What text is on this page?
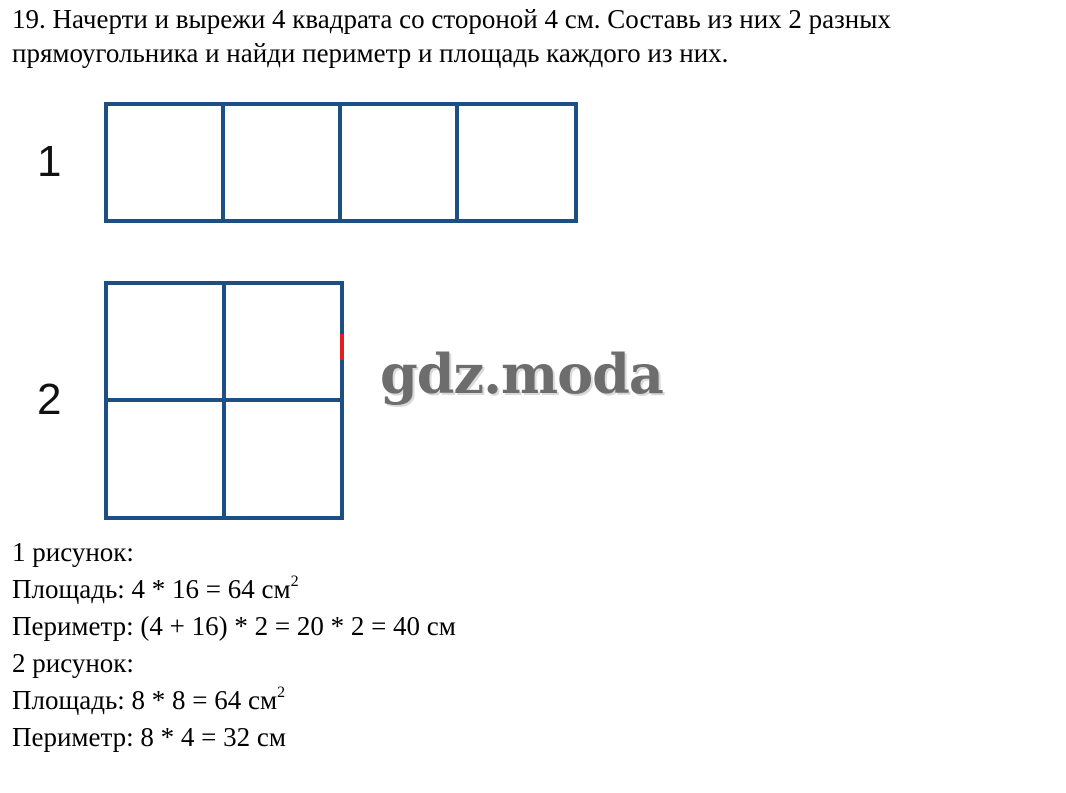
19. Начерти и вырежи 4 квадрата со стороной 4 см. Составь из них 2 разных
прямоугольника и найди периметр и площадь каждого из них.

1
2	gdz.moda
1 рисунок:
Площадь: 4 * 16 = 64 $см^2$
Периметр: (4 + 16) * 2 = 20 * 2 = 40 см
2 рисунок:
Площадь: 8 * 8 = 64 $см^2$
Периметр: 8 * 4 = 32 см
